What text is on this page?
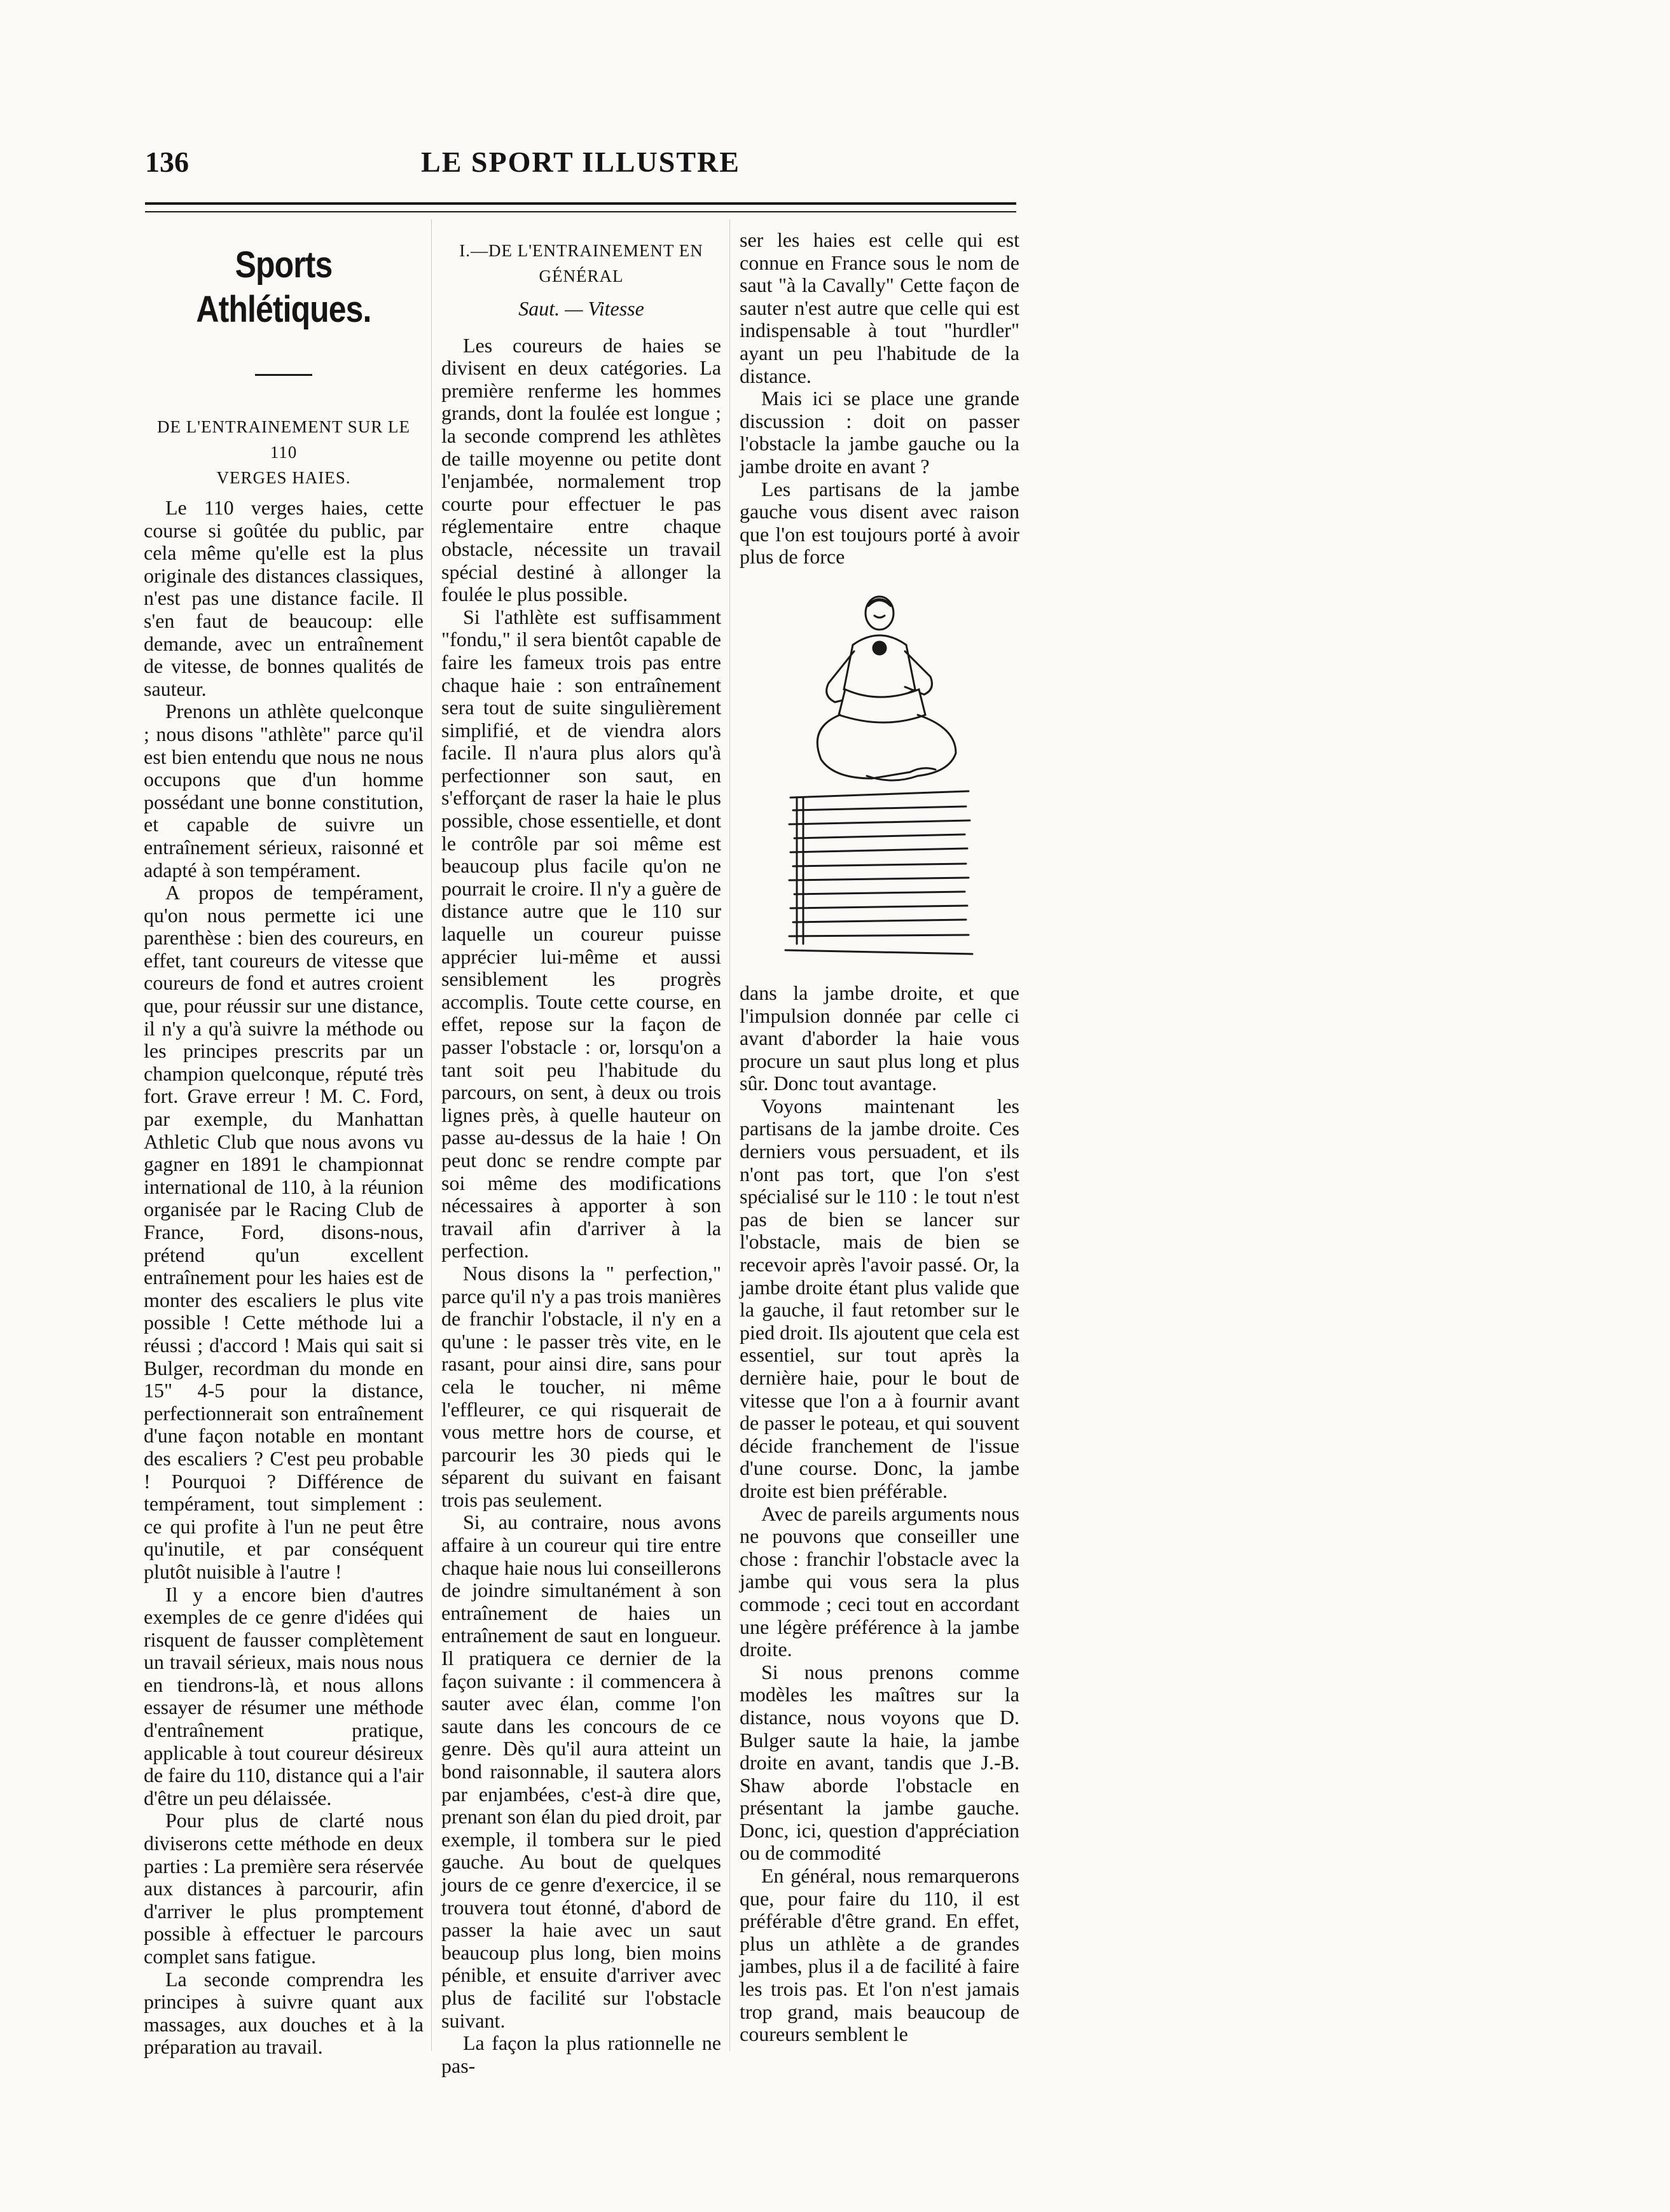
136	LE SPORT ILLUSTRE
Sports Athlétiques.
DE L'ENTRAINEMENT SUR LE 110
VERGES HAIES.

Le 110 verges haies, cette course si goûtée du public, par cela même qu'elle est la plus originale des distances classiques, n'est pas une distance facile. Il s'en faut de beaucoup: elle demande, avec un entraînement de vitesse, de bonnes qualités de sauteur.

Prenons un athlète quelconque ; nous disons "athlète" parce qu'il est bien entendu que nous ne nous occupons que d'un homme possédant une bonne constitution, et capable de suivre un entraînement sérieux, raisonné et adapté à son tempérament.

A propos de tempérament, qu'on nous permette ici une parenthèse : bien des coureurs, en effet, tant coureurs de vitesse que coureurs de fond et autres croient que, pour réussir sur une distance, il n'y a qu'à suivre la méthode ou les principes prescrits par un champion quelconque, réputé très fort. Grave erreur ! M. C. Ford, par exemple, du Manhattan Athletic Club que nous avons vu gagner en 1891 le championnat international de 110, à la réunion organisée par le Racing Club de France, Ford, disons-nous, prétend qu'un excellent entraînement pour les haies est de monter des escaliers le plus vite possible ! Cette méthode lui a réussi ; d'accord ! Mais qui sait si Bulger, recordman du monde en 15" 4-5 pour la distance, perfectionnerait son entraînement d'une façon notable en montant des escaliers ? C'est peu probable ! Pourquoi ? Différence de tempérament, tout simplement : ce qui profite à l'un ne peut être qu'inutile, et par conséquent plutôt nuisible à l'autre !

Il y a encore bien d'autres exemples de ce genre d'idées qui risquent de fausser complètement un travail sérieux, mais nous nous en tiendrons-là, et nous allons essayer de résumer une méthode d'entraînement pratique, applicable à tout coureur désireux de faire du 110, distance qui a l'air d'être un peu délaissée.

Pour plus de clarté nous diviserons cette méthode en deux parties : La première sera réservée aux distances à parcourir, afin d'arriver le plus promptement possible à effectuer le parcours complet sans fatigue.

La seconde comprendra les principes à suivre quant aux massages, aux douches et à la préparation au travail.

I.—DE L'ENTRAINEMENT EN GÉNÉRAL
Saut. — Vitesse

Les coureurs de haies se divisent en deux catégories. La première renferme les hommes grands, dont la foulée est longue ; la seconde comprend les athlètes de taille moyenne ou petite dont l'enjambée, normalement trop courte pour effectuer le pas réglementaire entre chaque obstacle, nécessite un travail spécial destiné à allonger la foulée le plus possible.

Si l'athlète est suffisamment "fondu," il sera bientôt capable de faire les fameux trois pas entre chaque haie : son entraînement sera tout de suite singulièrement simplifié, et de viendra alors facile. Il n'aura plus alors qu'à perfectionner son saut, en s'efforçant de raser la haie le plus possible, chose essentielle, et dont le contrôle par soi même est beaucoup plus facile qu'on ne pourrait le croire. Il n'y a guère de distance autre que le 110 sur laquelle un coureur puisse apprécier lui-même et aussi sensiblement les progrès accomplis. Toute cette course, en effet, repose sur la façon de passer l'obstacle : or, lorsqu'on a tant soit peu l'habitude du parcours, on sent, à deux ou trois lignes près, à quelle hauteur on passe au-dessus de la haie ! On peut donc se rendre compte par soi même des modifications nécessaires à apporter à son travail afin d'arriver à la perfection.

Nous disons la " perfection," parce qu'il n'y a pas trois manières de franchir l'obstacle, il n'y en a qu'une : le passer très vite, en le rasant, pour ainsi dire, sans pour cela le toucher, ni même l'effleurer, ce qui risquerait de vous mettre hors de course, et parcourir les 30 pieds qui le séparent du suivant en faisant trois pas seulement.

Si, au contraire, nous avons affaire à un coureur qui tire entre chaque haie nous lui conseillerons de joindre simultanément à son entraînement de haies un entraînement de saut en longueur. Il pratiquera ce dernier de la façon suivante : il commencera à sauter avec élan, comme l'on saute dans les concours de ce genre. Dès qu'il aura atteint un bond raisonnable, il sautera alors par enjambées, c'est-à dire que, prenant son élan du pied droit, par exemple, il tombera sur le pied gauche. Au bout de quelques jours de ce genre d'exercice, il se trouvera tout étonné, d'abord de passer la haie avec un saut beaucoup plus long, bien moins pénible, et ensuite d'arriver avec plus de facilité sur l'obstacle suivant.

La façon la plus rationnelle ne pas-

ser les haies est celle qui est connue en France sous le nom de saut "à la Cavally" Cette façon de sauter n'est autre que celle qui est indispensable à tout "hurdler" ayant un peu l'habitude de la distance.

Mais ici se place une grande discussion : doit on passer l'obstacle la jambe gauche ou la jambe droite en avant ?

Les partisans de la jambe gauche vous disent avec raison que l'on est toujours porté à avoir plus de force

dans la jambe droite, et que l'impulsion donnée par celle ci avant d'aborder la haie vous procure un saut plus long et plus sûr. Donc tout avantage.

Voyons maintenant les partisans de la jambe droite. Ces derniers vous persuadent, et ils n'ont pas tort, que l'on s'est spécialisé sur le 110 : le tout n'est pas de bien se lancer sur l'obstacle, mais de bien se recevoir après l'avoir passé. Or, la jambe droite étant plus valide que la gauche, il faut retomber sur le pied droit. Ils ajoutent que cela est essentiel, sur tout après la dernière haie, pour le bout de vitesse que l'on a à fournir avant de passer le poteau, et qui souvent décide franchement de l'issue d'une course. Donc, la jambe droite est bien préférable.

Avec de pareils arguments nous ne pouvons que conseiller une chose : franchir l'obstacle avec la jambe qui vous sera la plus commode ; ceci tout en accordant une légère préférence à la jambe droite.

Si nous prenons comme modèles les maîtres sur la distance, nous voyons que D. Bulger saute la haie, la jambe droite en avant, tandis que J.-B. Shaw aborde l'obstacle en présentant la jambe gauche. Donc, ici, question d'appréciation ou de commodité

En général, nous remarquerons que, pour faire du 110, il est préférable d'être grand. En effet, plus un athlète a de grandes jambes, plus il a de facilité à faire les trois pas. Et l'on n'est jamais trop grand, mais beaucoup de coureurs semblent le
